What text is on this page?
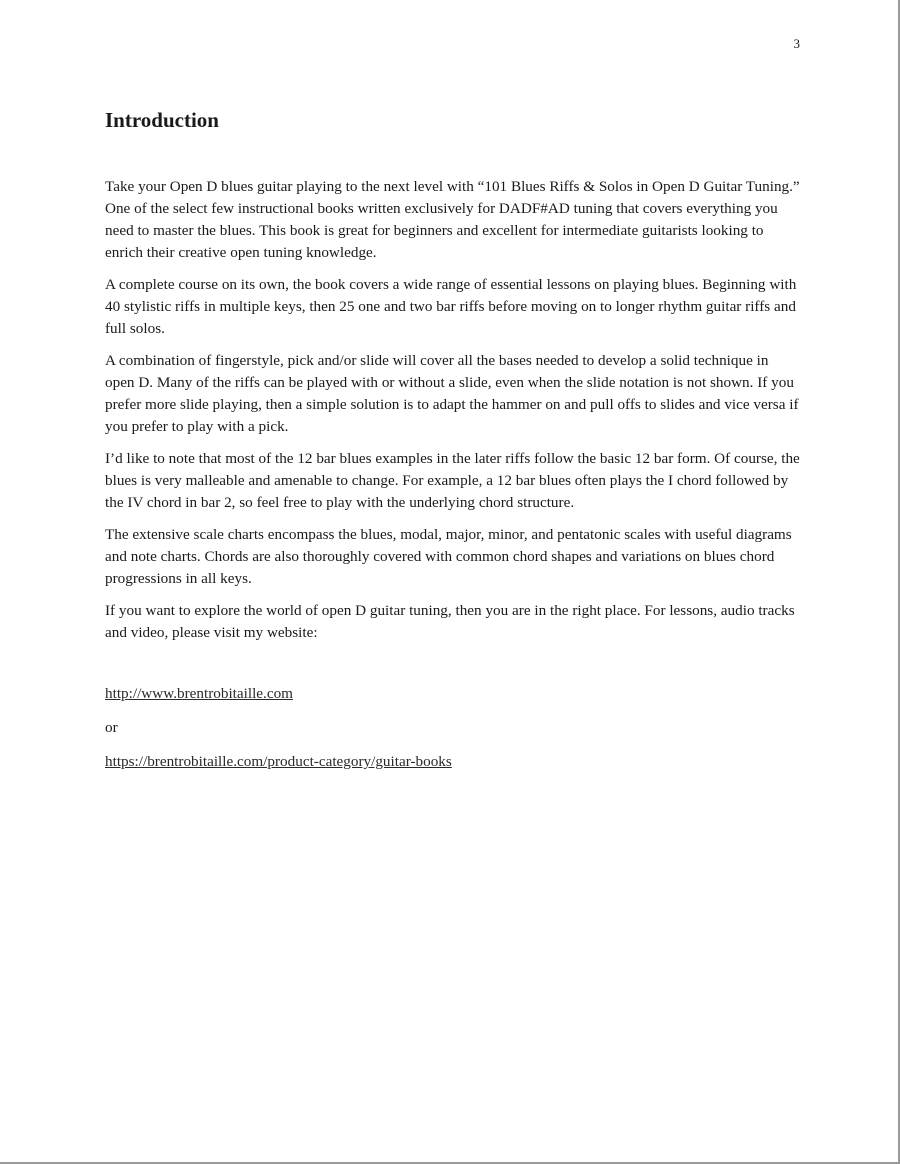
3
Introduction

Take your Open D blues guitar playing to the next level with “101 Blues Riffs & Solos in Open D Guitar Tuning.” One of the select few instructional books written exclusively for DADF#AD tuning that covers everything you need to master the blues. This book is great for beginners and excellent for intermediate guitarists looking to enrich their creative open tuning knowledge.

A complete course on its own, the book covers a wide range of essential lessons on playing blues. Beginning with 40 stylistic riffs in multiple keys, then 25 one and two bar riffs before moving on to longer rhythm guitar riffs and full solos.

A combination of fingerstyle, pick and/or slide will cover all the bases needed to develop a solid technique in open D. Many of the riffs can be played with or without a slide, even when the slide notation is not shown. If you prefer more slide playing, then a simple solution is to adapt the hammer on and pull offs to slides and vice versa if you prefer to play with a pick.

I’d like to note that most of the 12 bar blues examples in the later riffs follow the basic 12 bar form. Of course, the blues is very malleable and amenable to change. For example, a 12 bar blues often plays the I chord followed by the IV chord in bar 2, so feel free to play with the underlying chord structure.

The extensive scale charts encompass the blues, modal, major, minor, and pentatonic scales with useful diagrams and note charts. Chords are also thoroughly covered with common chord shapes and variations on blues chord progressions in all keys.

If you want to explore the world of open D guitar tuning, then you are in the right place. For lessons, audio tracks and video, please visit my website:

http://www.brentrobitaille.com
or
https://brentrobitaille.com/product-category/guitar-books
